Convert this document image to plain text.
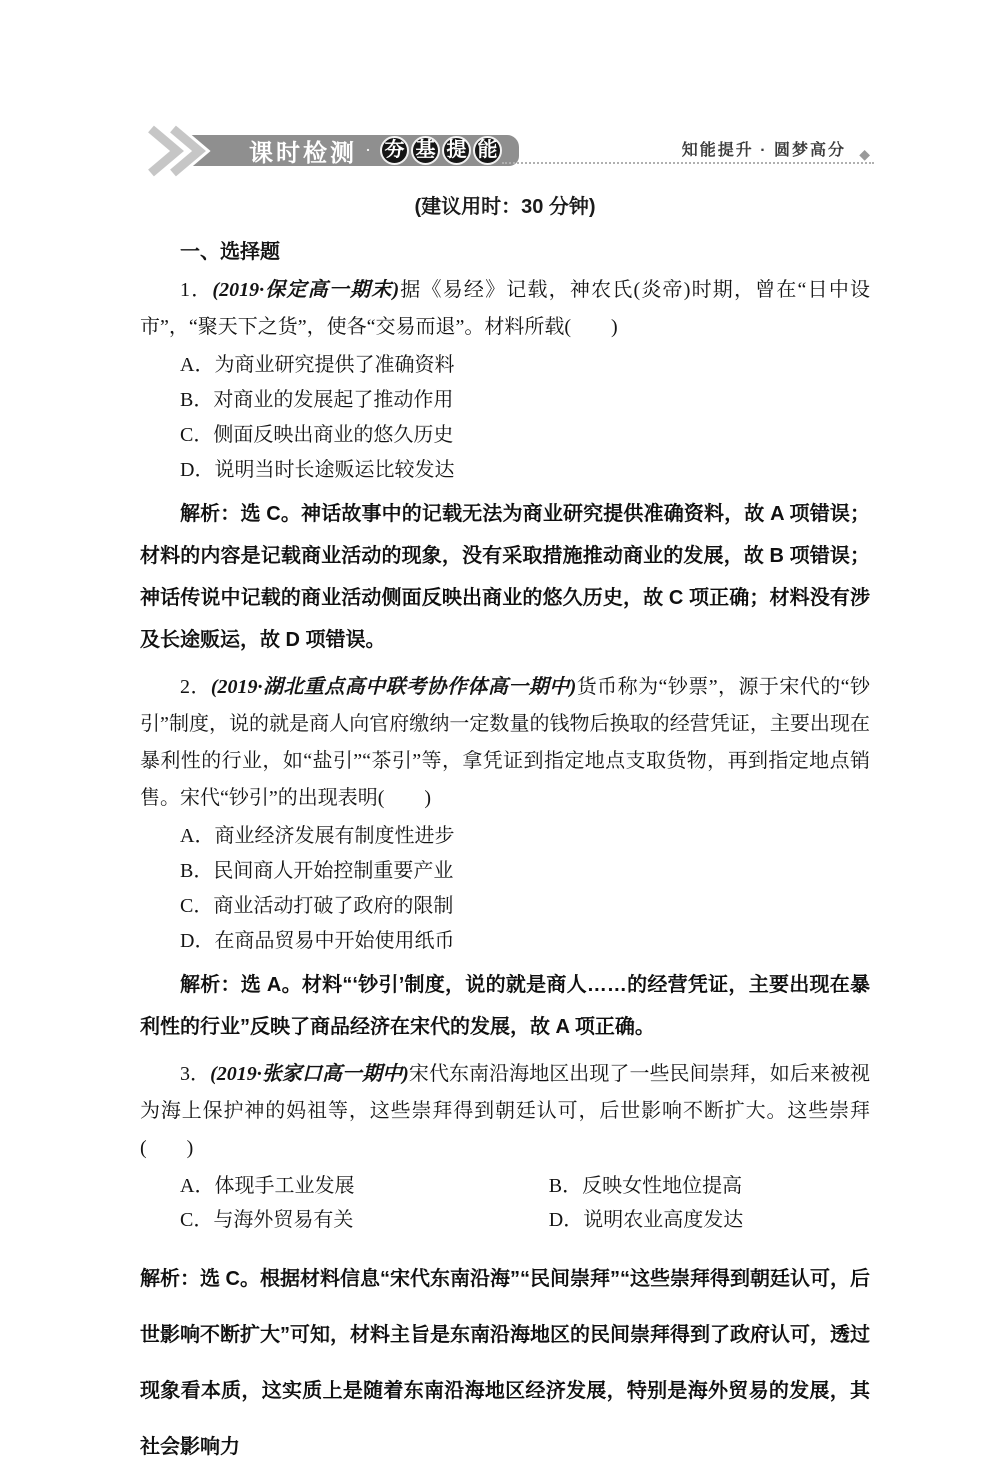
课时检测 · 夯 基 提 能	知能提升 · 圆梦高分 ◆

(建议用时：30 分钟)

一、选择题

1．(2019·保定高一期末)据《易经》记载，神农氏(炎帝)时期，曾在“日中设市”，“聚天下之货”，使各“交易而退”。材料所载(　　)

A．为商业研究提供了准确资料
B．对商业的发展起了推动作用
C．侧面反映出商业的悠久历史
D．说明当时长途贩运比较发达

解析：选 C。神话故事中的记载无法为商业研究提供准确资料，故 A 项错误；材料的内容是记载商业活动的现象，没有采取措施推动商业的发展，故 B 项错误；神话传说中记载的商业活动侧面反映出商业的悠久历史，故 C 项正确；材料没有涉及长途贩运，故 D 项错误。

2．(2019·湖北重点高中联考协作体高一期中)货币称为“钞票”，源于宋代的“钞引”制度，说的就是商人向官府缴纳一定数量的钱物后换取的经营凭证，主要出现在暴利性的行业，如“盐引”“茶引”等，拿凭证到指定地点支取货物，再到指定地点销售。宋代“钞引”的出现表明(　　)

A．商业经济发展有制度性进步
B．民间商人开始控制重要产业
C．商业活动打破了政府的限制
D．在商品贸易中开始使用纸币

解析：选 A。材料“‘钞引’制度，说的就是商人……的经营凭证，主要出现在暴利性的行业”反映了商品经济在宋代的发展，故 A 项正确。

3．(2019·张家口高一期中)宋代东南沿海地区出现了一些民间崇拜，如后来被视为海上保护神的妈祖等，这些崇拜得到朝廷认可，后世影响不断扩大。这些崇拜(　　)

A．体现手工业发展	B．反映女性地位提高
C．与海外贸易有关	D．说明农业高度发达

解析：选 C。根据材料信息“宋代东南沿海”“民间崇拜”“这些崇拜得到朝廷认可，后世影响不断扩大”可知，材料主旨是东南沿海地区的民间崇拜得到了政府认可，透过现象看本质，这实质上是随着东南沿海地区经济发展，特别是海外贸易的发展，其社会影响力
